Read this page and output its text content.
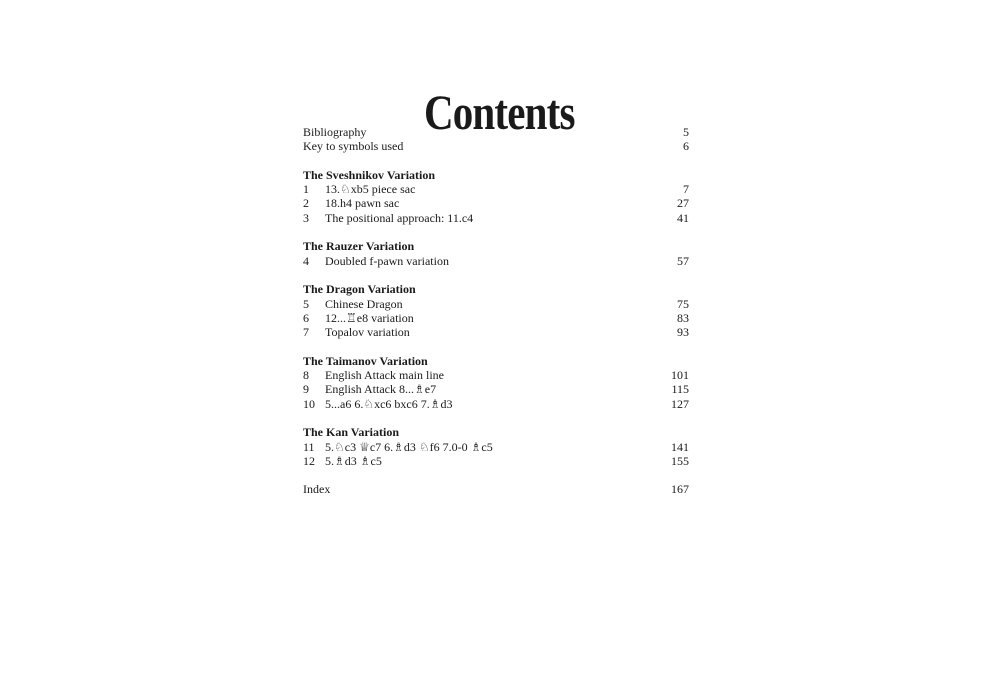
Contents
Bibliography	5
Key to symbols used	6
The Sveshnikov Variation
1	13.♘xb5 piece sac	7
2	18.h4 pawn sac	27
3	The positional approach: 11.c4	41
The Rauzer Variation
4	Doubled f-pawn variation	57
The Dragon Variation
5	Chinese Dragon	75
6	12...♖e8 variation	83
7	Topalov variation	93
The Taimanov Variation
8	English Attack main line	101
9	English Attack 8...♗e7	115
10 5...a6 6.♘xc6 bxc6 7.♗d3	127
The Kan Variation
11 5.♘c3 ♕c7 6.♗d3 ♘f6 7.0-0 ♗c5	141
12 5.♗d3 ♗c5	155
Index	167
